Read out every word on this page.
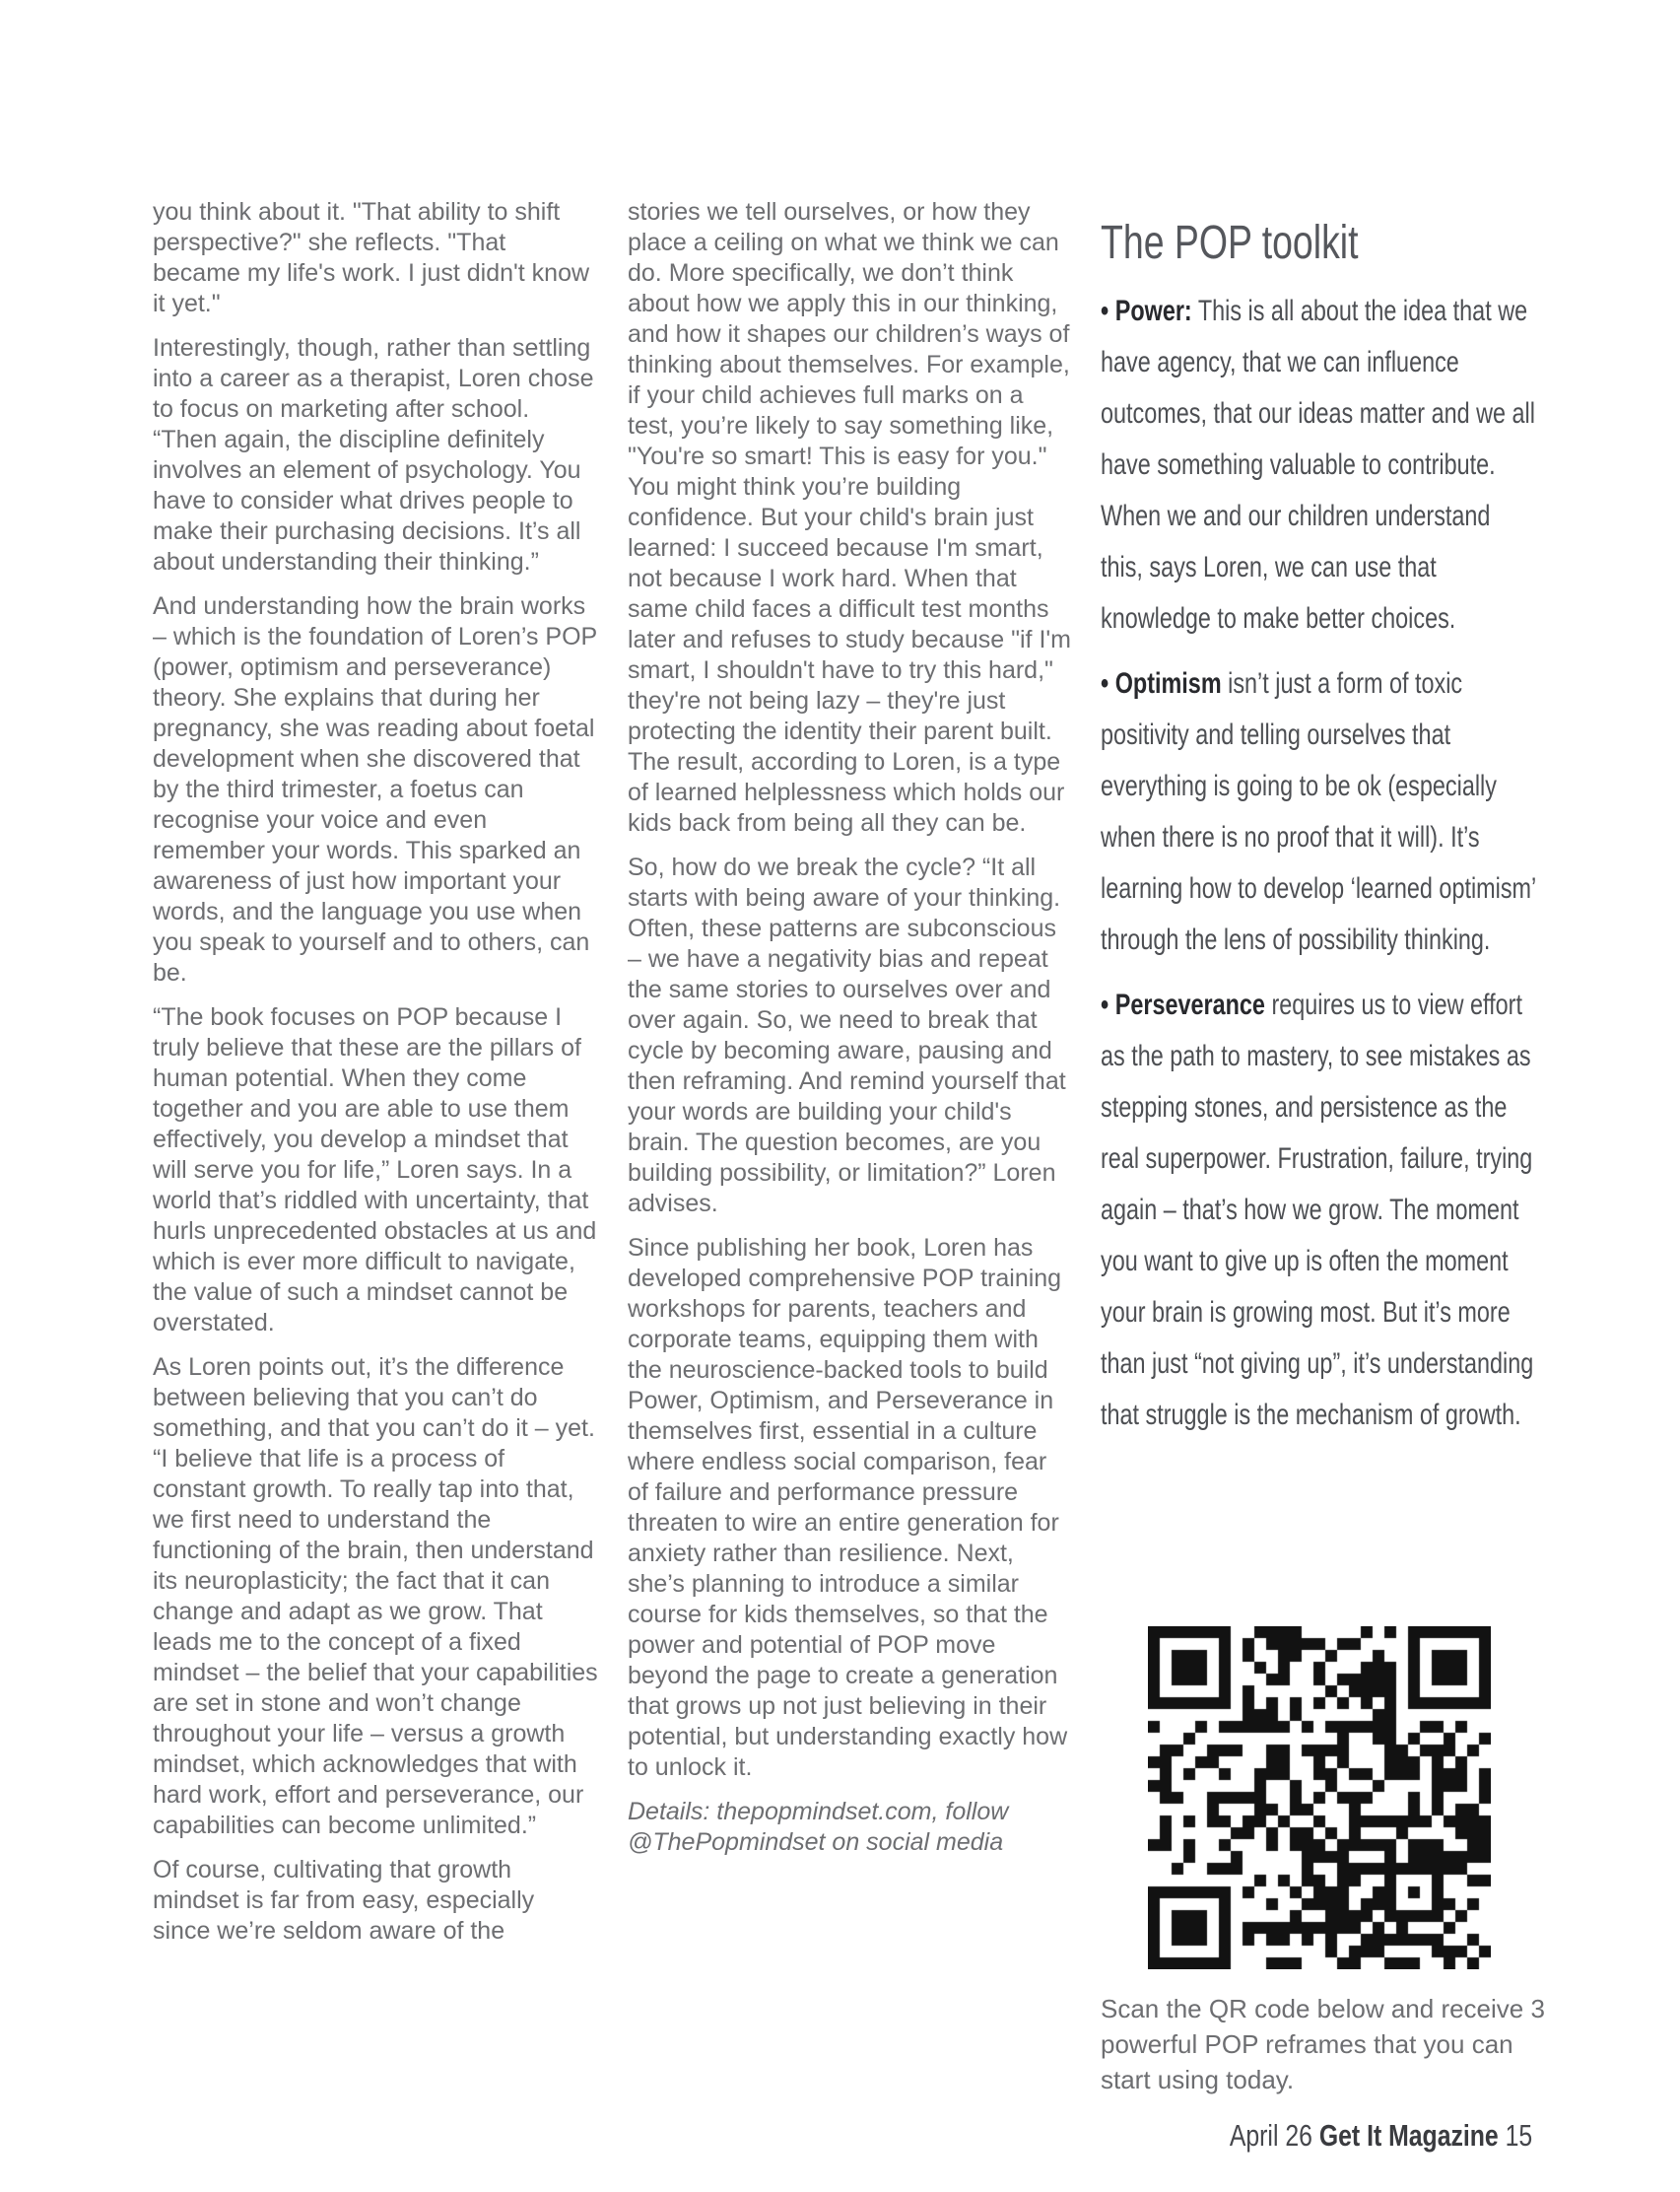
you think about it. "That ability to shift perspective?" she reflects. "That became my life's work. I just didn't know it yet."

Interestingly, though, rather than settling into a career as a therapist, Loren chose to focus on marketing after school. “Then again, the discipline definitely involves an element of psychology. You have to consider what drives people to make their purchasing decisions. It’s all about understanding their thinking.”

And understanding how the brain works – which is the foundation of Loren’s POP (power, optimism and perseverance) theory. She explains that during her pregnancy, she was reading about foetal development when she discovered that by the third trimester, a foetus can recognise your voice and even remember your words. This sparked an awareness of just how important your words, and the language you use when you speak to yourself and to others, can be.

“The book focuses on POP because I truly believe that these are the pillars of human potential. When they come together and you are able to use them effectively, you develop a mindset that will serve you for life,” Loren says. In a world that’s riddled with uncertainty, that hurls unprecedented obstacles at us and which is ever more difficult to navigate, the value of such a mindset cannot be overstated.

As Loren points out, it’s the difference between believing that you can’t do something, and that you can’t do it – yet. “I believe that life is a process of constant growth. To really tap into that, we first need to understand the functioning of the brain, then understand its neuroplasticity; the fact that it can change and adapt as we grow. That leads me to the concept of a fixed mindset – the belief that your capabilities are set in stone and won’t change throughout your life – versus a growth mindset, which acknowledges that with hard work, effort and perseverance, our capabilities can become unlimited.”

Of course, cultivating that growth mindset is far from easy, especially since we’re seldom aware of the

stories we tell ourselves, or how they place a ceiling on what we think we can do. More specifically, we don’t think about how we apply this in our thinking, and how it shapes our children’s ways of thinking about themselves. For example, if your child achieves full marks on a test, you’re likely to say something like, "You're so smart! This is easy for you." You might think you’re building confidence. But your child's brain just learned: I succeed because I'm smart, not because I work hard. When that same child faces a difficult test months later and refuses to study because "if I'm smart, I shouldn't have to try this hard," they're not being lazy – they're just protecting the identity their parent built. The result, according to Loren, is a type of learned helplessness which holds our kids back from being all they can be.

So, how do we break the cycle? “It all starts with being aware of your thinking. Often, these patterns are subconscious – we have a negativity bias and repeat the same stories to ourselves over and over again. So, we need to break that cycle by becoming aware, pausing and then reframing. And remind yourself that your words are building your child's brain. The question becomes, are you building possibility, or limitation?” Loren advises.

Since publishing her book, Loren has developed comprehensive POP training workshops for parents, teachers and corporate teams, equipping them with the neuroscience-backed tools to build Power, Optimism, and Perseverance in themselves first, essential in a culture where endless social comparison, fear of failure and performance pressure threaten to wire an entire generation for anxiety rather than resilience. Next, she’s planning to introduce a similar course for kids themselves, so that the power and potential of POP move beyond the page to create a generation that grows up not just believing in their potential, but understanding exactly how to unlock it.

Details: thepopmindset.com, follow @ThePopmindset on social media

The POP toolkit

• Power: This is all about the idea that we have agency, that we can influence outcomes, that our ideas matter and we all have something valuable to contribute. When we and our children understand this, says Loren, we can use that knowledge to make better choices.

• Optimism isn’t just a form of toxic positivity and telling ourselves that everything is going to be ok (especially when there is no proof that it will). It’s learning how to develop ‘learned optimism’ through the lens of possibility thinking.

• Perseverance requires us to view effort as the path to mastery, to see mistakes as stepping stones, and persistence as the real superpower. Frustration, failure, trying again – that’s how we grow. The moment you want to give up is often the moment your brain is growing most. But it’s more than just “not giving up”, it’s understanding that struggle is the mechanism of growth.

Scan the QR code below and receive 3 powerful POP reframes that you can start using today.
April 26 Get It Magazine 15
